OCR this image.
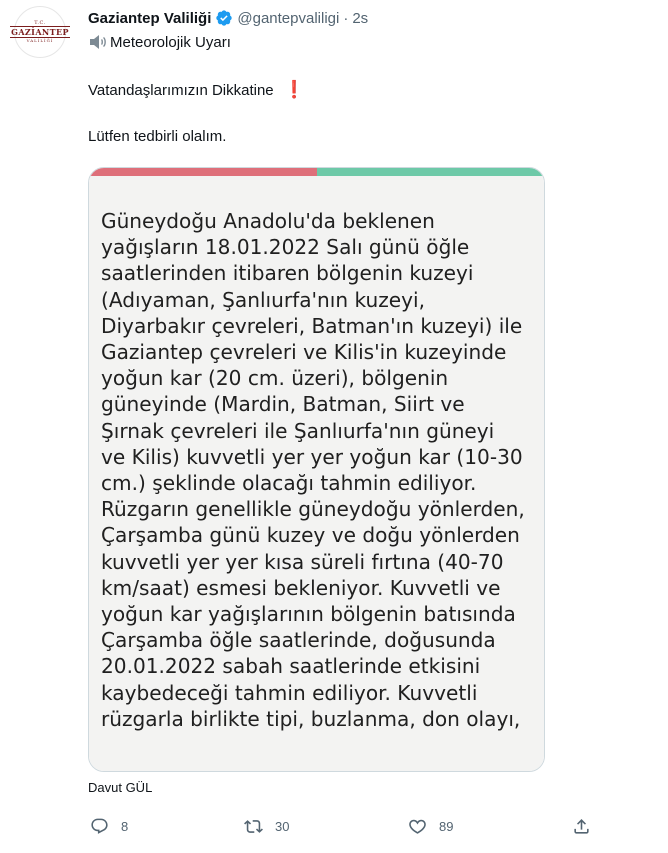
T.C.
GAZİANTEP
VALİLİĞİ
Gaziantep Valiliği @gantepvaliligi · 2s
Meteorolojik Uyarı
Vatandaşlarımızın Dikkatine ❗
Lütfen tedbirli olalım.
Güneydoğu Anadolu'da beklenen
yağışların 18.01.2022 Salı günü öğle
saatlerinden itibaren bölgenin kuzeyi
(Adıyaman, Şanlıurfa'nın kuzeyi,
Diyarbakır çevreleri, Batman'ın kuzeyi) ile
Gaziantep çevreleri ve Kilis'in kuzeyinde
yoğun kar (20 cm. üzeri), bölgenin
güneyinde (Mardin, Batman, Siirt ve
Şırnak çevreleri ile Şanlıurfa'nın güneyi
ve Kilis) kuvvetli yer yer yoğun kar (10-30
cm.) şeklinde olacağı tahmin ediliyor.
Rüzgarın genellikle güneydoğu yönlerden,
Çarşamba günü kuzey ve doğu yönlerden
kuvvetli yer yer kısa süreli fırtına (40-70
km/saat) esmesi bekleniyor. Kuvvetli ve
yoğun kar yağışlarının bölgenin batısında
Çarşamba öğle saatlerinde, doğusunda
20.01.2022 sabah saatlerinde etkisini
kaybedeceği tahmin ediliyor. Kuvvetli
rüzgarla birlikte tipi, buzlanma, don olayı,
Davut GÜL
8	30	89
